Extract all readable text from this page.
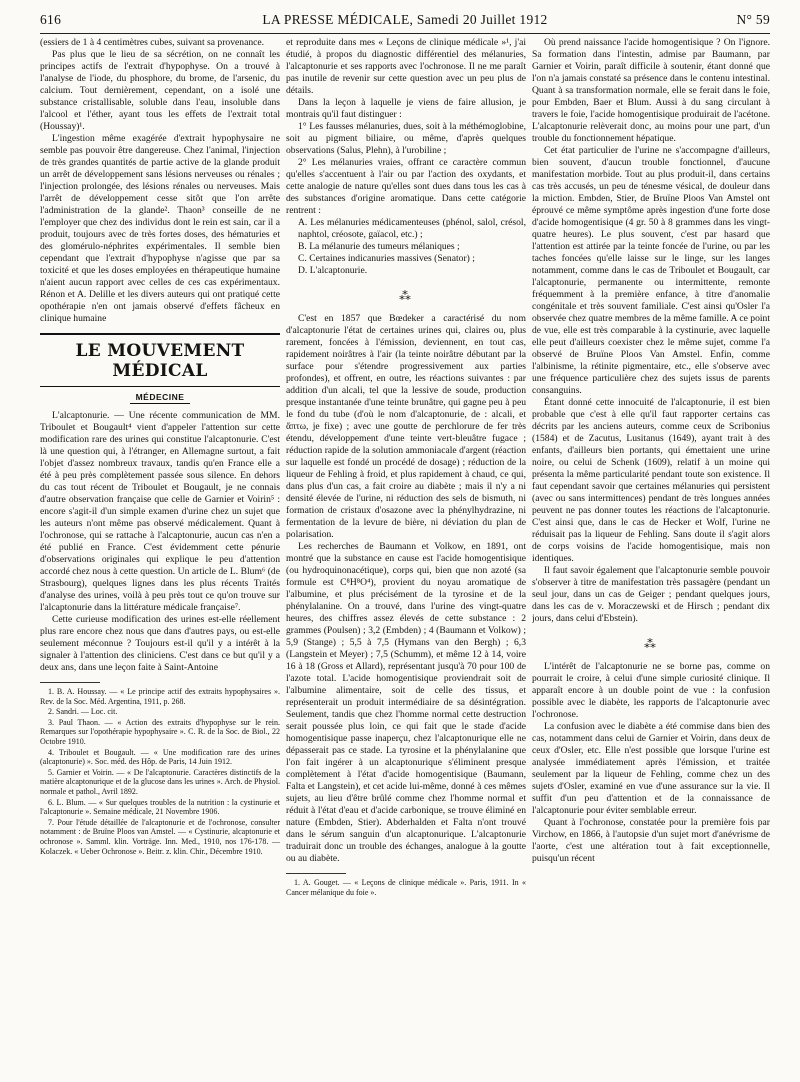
616	LA PRESSE MÉDICALE, Samedi 20 Juillet 1912	N° 59

(essiers de 1 à 4 centimètres cubes, suivant sa provenance.

Pas plus que le lieu de sa sécrétion, on ne connaît les principes actifs de l'extrait d'hypophyse. On a trouvé à l'analyse de l'iode, du phosphore, du brome, de l'arsenic, du calcium. Tout dernièrement, cependant, on a isolé une substance cristallisable, soluble dans l'eau, insoluble dans l'alcool et l'éther, ayant tous les effets de l'extrait total (Houssay)¹.

L'ingestion même exagérée d'extrait hypophysaire ne semble pas pouvoir être dangereuse. Chez l'animal, l'injection de très grandes quantités de partie active de la glande produit un arrêt de développement sans lésions nerveuses ou rénales ; l'injection prolongée, des lésions rénales ou nerveuses. Mais l'arrêt de développement cesse sitôt que l'on arrête l'administration de la glande². Thaon³ conseille de ne l'employer que chez des individus dont le rein est sain, car il a produit, toujours avec de très fortes doses, des hématuries et des glomérulo-néphrites expérimentales. Il semble bien cependant que l'extrait d'hypophyse n'agisse que par sa toxicité et que les doses employées en thérapeutique humaine n'aient aucun rapport avec celles de ces cas expérimentaux. Rénon et A. Delille et les divers auteurs qui ont pratiqué cette opothérapie n'en ont jamais observé d'effets fâcheux en clinique humaine

LE MOUVEMENT MÉDICAL
MÉDECINE

L'alcaptonurie. — Une récente communication de MM. Triboulet et Bougault⁴ vient d'appeler l'attention sur cette modification rare des urines qui constitue l'alcaptonurie. C'est là une question qui, à l'étranger, en Allemagne surtout, a fait l'objet d'assez nombreux travaux, tandis qu'en France elle a été à peu près complètement passée sous silence. En dehors du cas tout récent de Triboulet et Bougault, je ne connais d'autre observation française que celle de Garnier et Voirin⁵ : encore s'agit-il d'un simple examen d'urine chez un sujet que les auteurs n'ont même pas observé médicalement. Quant à l'ochronose, qui se rattache à l'alcaptonurie, aucun cas n'en a été publié en France. C'est évidemment cette pénurie d'observations originales qui explique le peu d'attention accordé chez nous à cette question. Un article de L. Blum⁶ (de Strasbourg), quelques lignes dans les plus récents Traités d'analyse des urines, voilà à peu près tout ce qu'on trouve sur l'alcaptonurie dans la littérature médicale française⁷.

Cette curieuse modification des urines est-elle réellement plus rare encore chez nous que dans d'autres pays, ou est-elle seulement méconnue ? Toujours est-il qu'il y a intérêt à la signaler à l'attention des cliniciens. C'est dans ce but qu'il y a deux ans, dans une leçon faite à Saint-Antoine

1. B. A. Houssay. — « Le principe actif des extraits hypophysaires ». Rev. de la Soc. Méd. Argentina, 1911, p. 268.

2. Sandri. — Loc. cit.

3. Paul Thaon. — « Action des extraits d'hypophyse sur le rein. Remarques sur l'opothérapie hypophysaire ». C. R. de la Soc. de Biol., 22 Octobre 1910.

4. Triboulet et Bougault. — « Une modification rare des urines (alcaptonurie) ». Soc. méd. des Hôp. de Paris, 14 Juin 1912.

5. Garnier et Voirin. — « De l'alcaptonurie. Caractères distinctifs de la matière alcaptonurique et de la glucose dans les urines ». Arch. de Physiol. normale et pathol., Avril 1892.

6. L. Blum. — « Sur quelques troubles de la nutrition : la cystinurie et l'alcaptonurie ». Semaine médicale, 21 Novembre 1906.

7. Pour l'étude détaillée de l'alcaptonurie et de l'ochronose, consulter notamment : de Bruïne Ploos van Amstel. — « Cystinurie, alcaptonurie et ochronose ». Samml. klin. Vorträge. Inn. Med., 1910, nos 176-178. — Kolaczek. « Ueber Ochronose ». Beitr. z. klin. Chir., Décembre 1910.

et reproduite dans mes « Leçons de clinique médicale »¹, j'ai étudié, à propos du diagnostic différentiel des mélanuries, l'alcaptonurie et ses rapports avec l'ochronose. Il ne me paraît pas inutile de revenir sur cette question avec un peu plus de détails.

Dans la leçon à laquelle je viens de faire allusion, je montrais qu'il faut distinguer :

1° Les fausses mélanuries, dues, soit à la méthémoglobine, soit au pigment biliaire, ou même, d'après quelques observations (Salus, Plehn), à l'urobiline ;

2° Les mélanuries vraies, offrant ce caractère commun qu'elles s'accentuent à l'air ou par l'action des oxydants, et cette analogie de nature qu'elles sont dues dans tous les cas à des substances d'origine aromatique. Dans cette catégorie rentrent :

A. Les mélanuries médicamenteuses (phénol, salol, crésol, naphtol, créosote, gaïacol, etc.) ;

B. La mélanurie des tumeurs mélaniques ;

C. Certaines indicanuries massives (Senator) ;

D. L'alcaptonurie.

⁂

C'est en 1857 que Bœdeker a caractérisé du nom d'alcaptonurie l'état de certaines urines qui, claires ou, plus rarement, foncées à l'émission, deviennent, en tout cas, rapidement noirâtres à l'air (la teinte noirâtre débutant par la surface pour s'étendre progressivement aux parties profondes), et offrent, en outre, les réactions suivantes : par addition d'un alcali, tel que la lessive de soude, production presque instantanée d'une teinte brunâtre, qui gagne peu à peu le fond du tube (d'où le nom d'alcaptonurie, de : alcali, et ἅπτω, je fixe) ; avec une goutte de perchlorure de fer très étendu, développement d'une teinte vert-bleuâtre fugace ; réduction rapide de la solution ammoniacale d'argent (réaction sur laquelle est fondé un procédé de dosage) ; réduction de la liqueur de Fehling à froid, et plus rapidement à chaud, ce qui, dans plus d'un cas, a fait croire au diabète ; mais il n'y a ni densité élevée de l'urine, ni réduction des sels de bismuth, ni formation de cristaux d'osazone avec la phénylhydrazine, ni fermentation de la levure de bière, ni déviation du plan de polarisation.

Les recherches de Baumann et Volkow, en 1891, ont montré que la substance en cause est l'acide homogentisique (ou hydroquinonacétique), corps qui, bien que non azoté (sa formule est C⁸H⁸O⁴), provient du noyau aromatique de l'albumine, et plus précisément de la tyrosine et de la phénylalanine. On a trouvé, dans l'urine des vingt-quatre heures, des chiffres assez élevés de cette substance : 2 grammes (Poulsen) ; 3,2 (Embden) ; 4 (Baumann et Volkow) ; 5,9 (Stange) ; 5,5 à 7,5 (Hymans van den Bergh) ; 6,3 (Langstein et Meyer) ; 7,5 (Schumm), et même 12 à 14, voire 16 à 18 (Gross et Allard), représentant jusqu'à 70 pour 100 de l'azote total. L'acide homogentisique proviendrait soit de l'albumine alimentaire, soit de celle des tissus, et représenterait un produit intermédiaire de sa désintégration. Seulement, tandis que chez l'homme normal cette destruction serait poussée plus loin, ce qui fait que le stade d'acide homogentisique passe inaperçu, chez l'alcaptonurique elle ne dépasserait pas ce stade. La tyrosine et la phénylalanine que l'on fait ingérer à un alcaptonurique s'éliminent presque complètement à l'état d'acide homogentisique (Baumann, Falta et Langstein), et cet acide lui-même, donné à ces mêmes sujets, au lieu d'être brûlé comme chez l'homme normal et réduit à l'état d'eau et d'acide carbonique, se trouve éliminé en nature (Embden, Stier). Abderhalden et Falta n'ont trouvé dans le sérum sanguin d'un alcaptonurique. L'alcaptonurie traduirait donc un trouble des échanges, analogue à la goutte ou au diabète.

1. A. Gouget. — « Leçons de clinique médicale ». Paris, 1911. In « Cancer mélanique du foie ».

Où prend naissance l'acide homogentisique ? On l'ignore. Sa formation dans l'intestin, admise par Baumann, par Garnier et Voirin, paraît difficile à soutenir, étant donné que l'on n'a jamais constaté sa présence dans le contenu intestinal. Quant à sa transformation normale, elle se ferait dans le foie, pour Embden, Baer et Blum. Aussi à du sang circulant à travers le foie, l'acide homogentisique produirait de l'acétone. L'alcaptonurie relèverait donc, au moins pour une part, d'un trouble du fonctionnement hépatique.

Cet état particulier de l'urine ne s'accompagne d'ailleurs, bien souvent, d'aucun trouble fonctionnel, d'aucune manifestation morbide. Tout au plus produit-il, dans certains cas très accusés, un peu de ténesme vésical, de douleur dans la miction. Embden, Stier, de Bruïne Ploos Van Amstel ont éprouvé ce même symptôme après ingestion d'une forte dose d'acide homogentisique (4 gr. 50 à 8 grammes dans les vingt-quatre heures). Le plus souvent, c'est par hasard que l'attention est attirée par la teinte foncée de l'urine, ou par les taches foncées qu'elle laisse sur le linge, sur les langes notamment, comme dans le cas de Triboulet et Bougault, car l'alcaptonurie, permanente ou intermittente, remonte fréquemment à la première enfance, à titre d'anomalie congénitale et très souvent familiale. C'est ainsi qu'Osler l'a observée chez quatre membres de la même famille. A ce point de vue, elle est très comparable à la cystinurie, avec laquelle elle peut d'ailleurs coexister chez le même sujet, comme l'a observé de Bruïne Ploos Van Amstel. Enfin, comme l'albinisme, la rétinite pigmentaire, etc., elle s'observe avec une fréquence particulière chez des sujets issus de parents consanguins.

Étant donné cette innocuité de l'alcaptonurie, il est bien probable que c'est à elle qu'il faut rapporter certains cas décrits par les anciens auteurs, comme ceux de Scribonius (1584) et de Zacutus, Lusitanus (1649), ayant trait à des enfants, d'ailleurs bien portants, qui émettaient une urine noire, ou celui de Schenk (1609), relatif à un moine qui présenta la même particularité pendant toute son existence. Il faut cependant savoir que certaines mélanuries qui persistent (avec ou sans intermittences) pendant de très longues années peuvent ne pas donner toutes les réactions de l'alcaptonurie. C'est ainsi que, dans le cas de Hecker et Wolf, l'urine ne réduisait pas la liqueur de Fehling. Sans doute il s'agit alors de corps voisins de l'acide homogentisique, mais non identiques.

Il faut savoir également que l'alcaptonurie semble pouvoir s'observer à titre de manifestation très passagère (pendant un seul jour, dans un cas de Geiger ; pendant quelques jours, dans les cas de v. Moraczewski et de Hirsch ; pendant dix jours, dans celui d'Ebstein).

⁂

L'intérêt de l'alcaptonurie ne se borne pas, comme on pourrait le croire, à celui d'une simple curiosité clinique. Il apparaît encore à un double point de vue : la confusion possible avec le diabète, les rapports de l'alcaptonurie avec l'ochronose.

La confusion avec le diabète a été commise dans bien des cas, notamment dans celui de Garnier et Voirin, dans deux de ceux d'Osler, etc. Elle n'est possible que lorsque l'urine est analysée immédiatement après l'émission, et traitée seulement par la liqueur de Fehling, comme chez un des sujets d'Osler, examiné en vue d'une assurance sur la vie. Il suffit d'un peu d'attention et de la connaissance de l'alcaptonurie pour éviter semblable erreur.

Quant à l'ochronose, constatée pour la première fois par Virchow, en 1866, à l'autopsie d'un sujet mort d'anévrisme de l'aorte, c'est une altération tout à fait exceptionnelle, puisqu'un récent
